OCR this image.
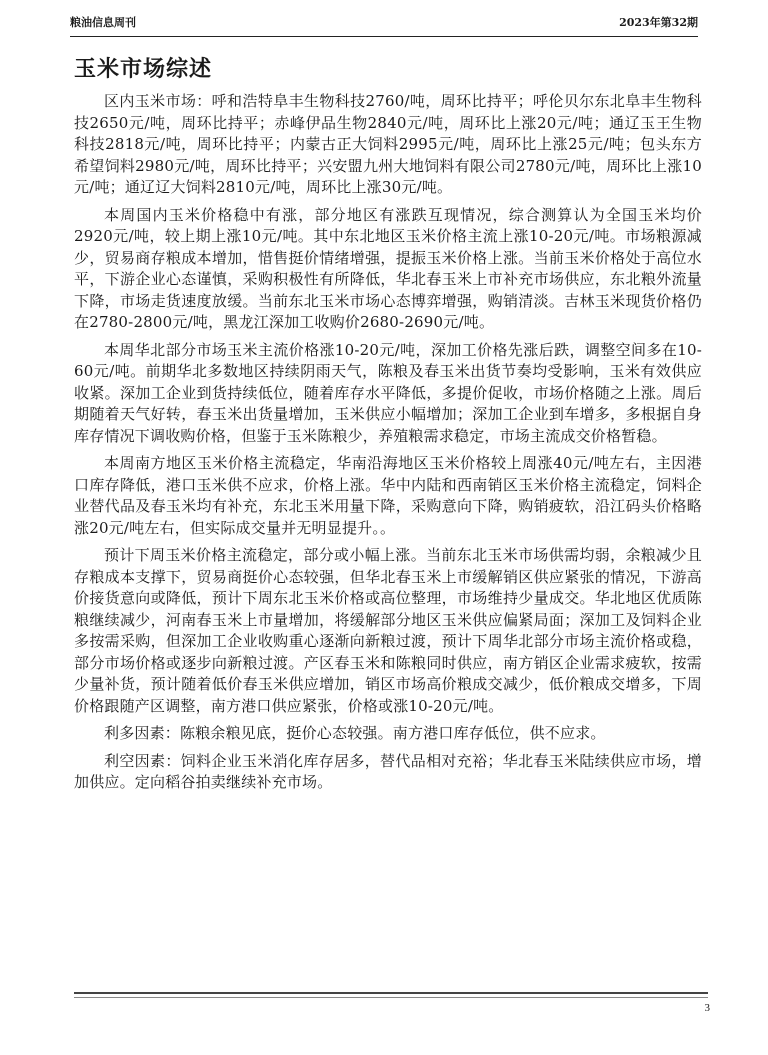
粮油信息周刊	2023年第32期
玉米市场综述

区内玉米市场：呼和浩特阜丰生物科技2760/吨，周环比持平；呼伦贝尔东北阜丰生物科技2650元/吨，周环比持平；赤峰伊品生物2840元/吨，周环比上涨20元/吨；通辽玉王生物科技2818元/吨，周环比持平；内蒙古正大饲料2995元/吨，周环比上涨25元/吨；包头东方希望饲料2980元/吨，周环比持平；兴安盟九州大地饲料有限公司2780元/吨，周环比上涨10元/吨；通辽辽大饲料2810元/吨，周环比上涨30元/吨。

本周国内玉米价格稳中有涨，部分地区有涨跌互现情况，综合测算认为全国玉米均价2920元/吨，较上期上涨10元/吨。其中东北地区玉米价格主流上涨10-20元/吨。市场粮源减少，贸易商存粮成本增加，惜售挺价情绪增强，提振玉米价格上涨。当前玉米价格处于高位水平，下游企业心态谨慎，采购积极性有所降低，华北春玉米上市补充市场供应，东北粮外流量下降，市场走货速度放缓。当前东北玉米市场心态博弈增强，购销清淡。吉林玉米现货价格仍在2780-2800元/吨，黑龙江深加工收购价2680-2690元/吨。

本周华北部分市场玉米主流价格涨10-20元/吨，深加工价格先涨后跌，调整空间多在10-60元/吨。前期华北多数地区持续阴雨天气，陈粮及春玉米出货节奏均受影响，玉米有效供应收紧。深加工企业到货持续低位，随着库存水平降低，多提价促收，市场价格随之上涨。周后期随着天气好转，春玉米出货量增加，玉米供应小幅增加；深加工企业到车增多，多根据自身库存情况下调收购价格，但鉴于玉米陈粮少，养殖粮需求稳定，市场主流成交价格暂稳。

本周南方地区玉米价格主流稳定，华南沿海地区玉米价格较上周涨40元/吨左右，主因港口库存降低，港口玉米供不应求，价格上涨。华中内陆和西南销区玉米价格主流稳定，饲料企业替代品及春玉米均有补充，东北玉米用量下降，采购意向下降，购销疲软，沿江码头价格略涨20元/吨左右，但实际成交量并无明显提升。。

预计下周玉米价格主流稳定，部分或小幅上涨。当前东北玉米市场供需均弱，余粮减少且存粮成本支撑下，贸易商挺价心态较强，但华北春玉米上市缓解销区供应紧张的情况，下游高价接货意向或降低，预计下周东北玉米价格或高位整理，市场维持少量成交。华北地区优质陈粮继续减少，河南春玉米上市量增加，将缓解部分地区玉米供应偏紧局面；深加工及饲料企业多按需采购，但深加工企业收购重心逐渐向新粮过渡，预计下周华北部分市场主流价格或稳，部分市场价格或逐步向新粮过渡。产区春玉米和陈粮同时供应，南方销区企业需求疲软，按需少量补货，预计随着低价春玉米供应增加，销区市场高价粮成交减少，低价粮成交增多，下周价格跟随产区调整，南方港口供应紧张，价格或涨10-20元/吨。

利多因素：陈粮余粮见底，挺价心态较强。南方港口库存低位，供不应求。

利空因素：饲料企业玉米消化库存居多，替代品相对充裕；华北春玉米陆续供应市场，增加供应。定向稻谷拍卖继续补充市场。

3
